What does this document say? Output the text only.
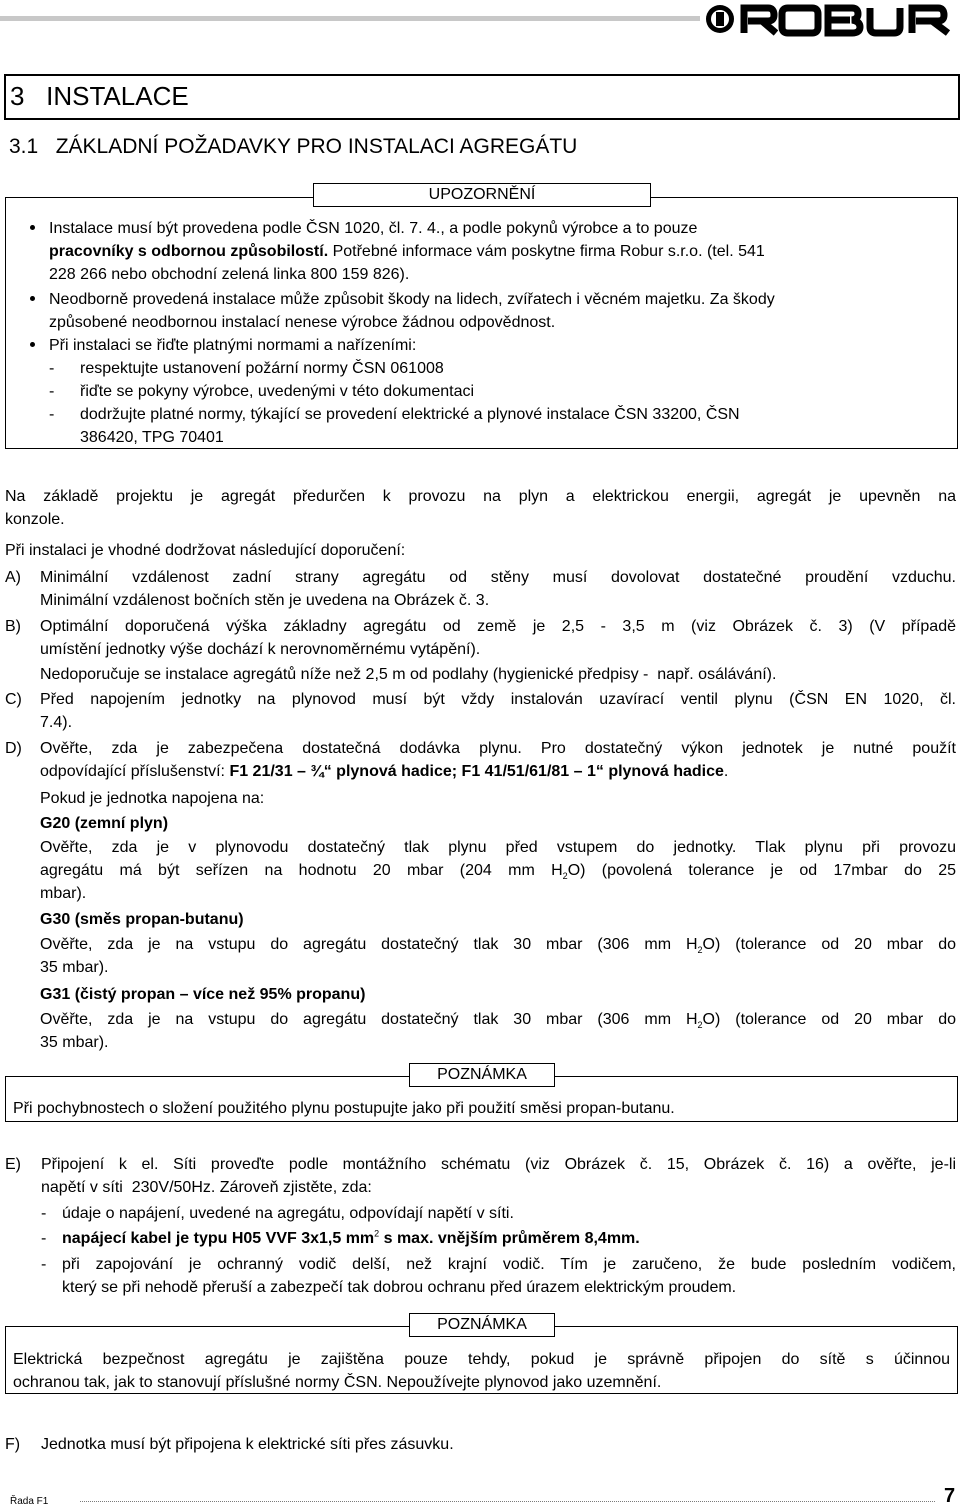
3   INSTALACE
3.1   ZÁKLADNÍ POŽADAVKY PRO INSTALACI AGREGÁTU
UPOZORNĚNÍ
Instalace musí být provedena podle ČSN 1020, čl. 7. 4., a podle pokynů výrobce a to pouze
pracovníky s odbornou způsobilostí. Potřebné informace vám poskytne firma Robur s.r.o. (tel. 541
228 266 nebo obchodní zelená linka 800 159 826).
Neodborně provedená instalace může způsobit škody na lidech, zvířatech i věcném majetku. Za škody
způsobené neodbornou instalací nenese výrobce žádnou odpovědnost.
Při instalaci se řiďte platnými normami a nařízeními:
- respektujte ustanovení požární normy ČSN 061008
- řiďte se pokyny výrobce, uvedenými v této dokumentaci
- dodržujte platné normy, týkající se provedení elektrické a plynové instalace ČSN 33200, ČSN
386420, TPG 70401
Na základě projektu je agregát předurčen k provozu na plyn a elektrickou energii, agregát je upevněn na
konzole.
Při instalaci je vhodné dodržovat následující doporučení:
A) Minimální vzdálenost zadní strany agregátu od stěny musí dovolovat dostatečné proudění vzduchu.
Minimální vzdálenost bočních stěn je uvedena na Obrázek č. 3.
B) Optimální doporučená výška základny agregátu od země je 2,5 - 3,5 m (viz Obrázek č. 3) (V případě
umístění jednotky výše dochází k nerovnoměrnému vytápění).
Nedoporučuje se instalace agregátů níže než 2,5 m od podlahy (hygienické předpisy -  např. osálávání).
C) Před napojením jednotky na plynovod musí být vždy instalován uzavírací ventil plynu (ČSN EN 1020, čl.
7.4).
D) Ověřte, zda je zabezpečena dostatečná dodávka plynu. Pro dostatečný výkon jednotek je nutné použít
odpovídající příslušenství: F1 21/31 – ¾“ plynová hadice; F1 41/51/61/81 – 1“ plynová hadice.
Pokud je jednotka napojena na:
G20 (zemní plyn)
Ověřte, zda je v plynovodu dostatečný tlak plynu před vstupem do jednotky. Tlak plynu při provozu
agregátu má být seřízen na hodnotu 20 mbar (204 mm $H_2O$) (povolená tolerance je od 17mbar do 25
mbar).
G30 (směs propan-butanu)
Ověřte, zda je na vstupu do agregátu dostatečný tlak 30 mbar (306 mm $H_2O$) (tolerance od 20 mbar do
35 mbar).
G31 (čistý propan – více než 95% propanu)
Ověřte, zda je na vstupu do agregátu dostatečný tlak 30 mbar (306 mm $H_2O$) (tolerance od 20 mbar do
35 mbar).
POZNÁMKA
Při pochybnostech o složení použitého plynu postupujte jako při použití směsi propan-butanu.
E) Připojení k el. Síti proveďte podle montážního schématu (viz Obrázek č. 15, Obrázek č. 16) a ověřte, je-li
napětí v síti  230V/50Hz. Zároveň zjistěte, zda:
- údaje o napájení, uvedené na agregátu, odpovídají napětí v síti.
- napájecí kabel je typu H05 VVF 3x1,5 $mm^2$ s max. vnějším průměrem 8,4mm.
- při zapojování je ochranný vodič delší, než krajní vodič. Tím je zaručeno, že bude posledním vodičem,
který se při nehodě přeruší a zabezpečí tak dobrou ochranu před úrazem elektrickým proudem.
POZNÁMKA
Elektrická bezpečnost agregátu je zajištěna pouze tehdy, pokud je správně připojen do sítě s účinnou
ochranou tak, jak to stanovují příslušné normy ČSN. Nepoužívejte plynovod jako uzemnění.
F) Jednotka musí být připojena k elektrické síti přes zásuvku.
Řada F1	7
